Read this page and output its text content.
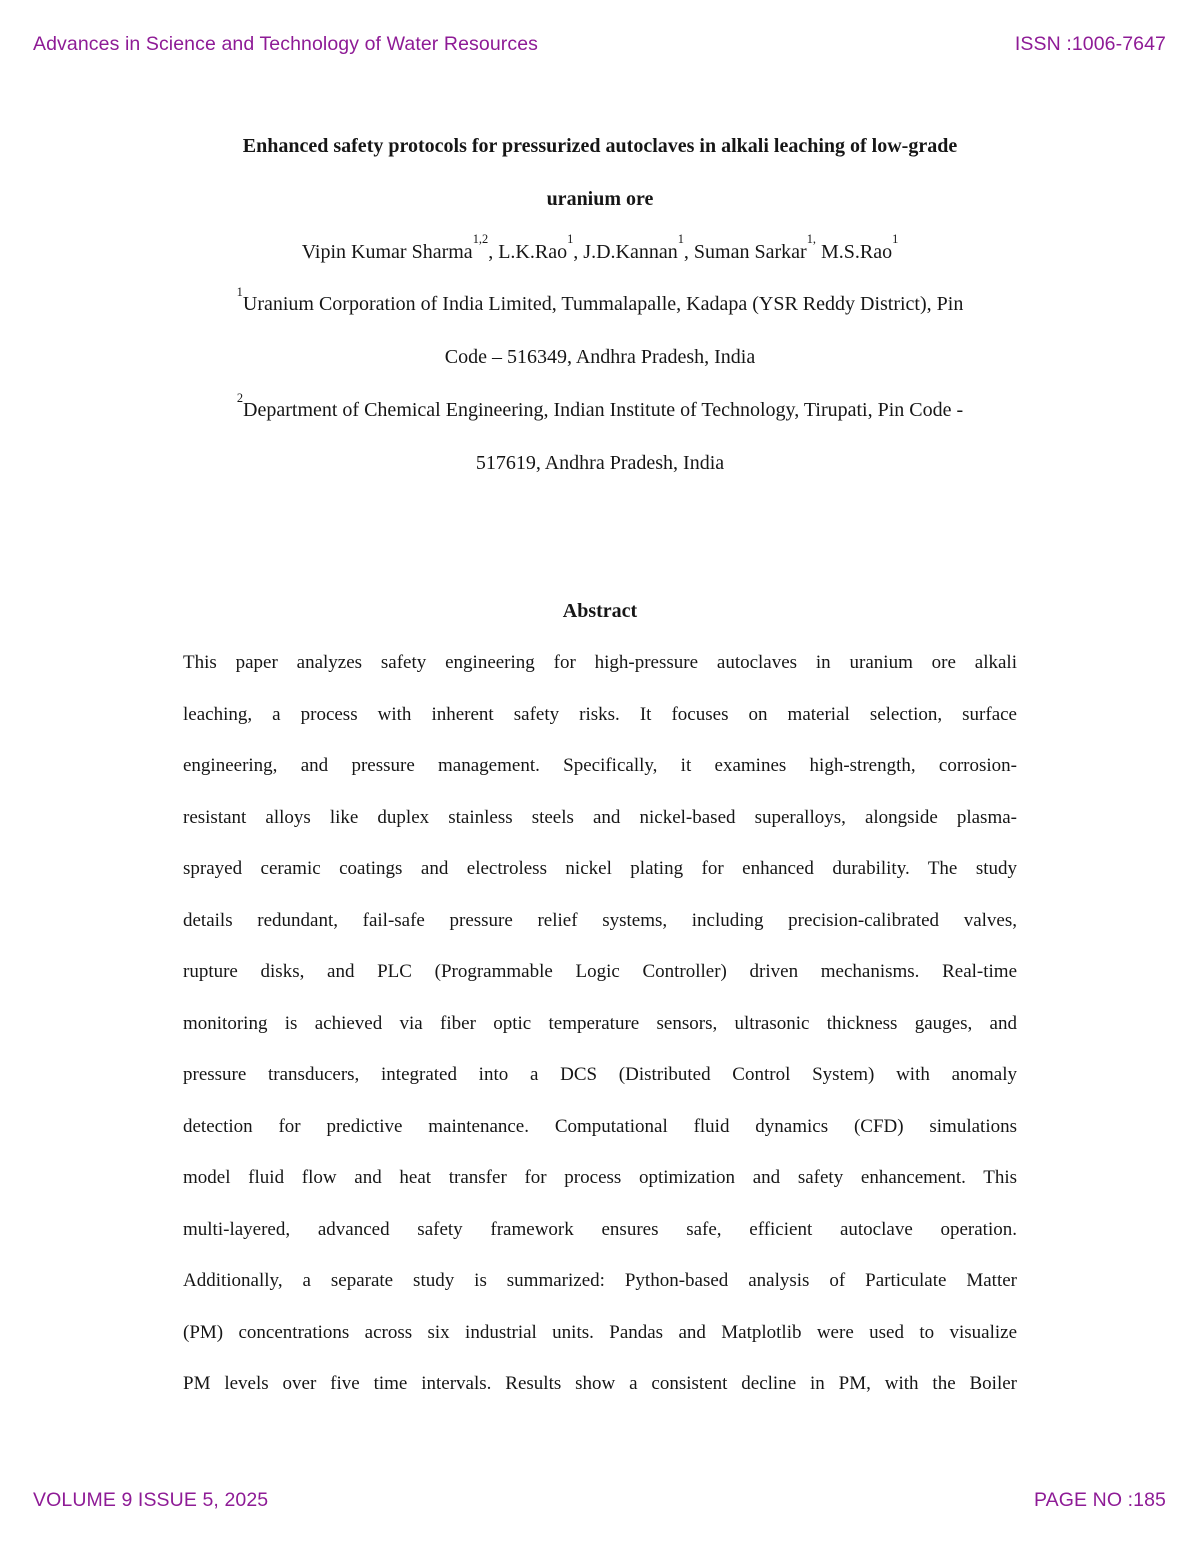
Advances in Science and Technology of Water Resources	ISSN :1006-7647
Enhanced safety protocols for pressurized autoclaves in alkali leaching of low-grade
uranium ore
Vipin Kumar Sharma$^{1,2}$, L.K.Rao$^1$, J.D.Kannan$^1$, Suman Sarkar$^{1,}$ M.S.Rao$^1$
$^1$Uranium Corporation of India Limited, Tummalapalle, Kadapa (YSR Reddy District), Pin
Code – 516349, Andhra Pradesh, India
$^2$Department of Chemical Engineering, Indian Institute of Technology, Tirupati, Pin Code -
517619, Andhra Pradesh, India
Abstract
This paper analyzes safety engineering for high-pressure autoclaves in uranium ore alkali
leaching, a process with inherent safety risks. It focuses on material selection, surface
engineering, and pressure management. Specifically, it examines high-strength, corrosion-
resistant alloys like duplex stainless steels and nickel-based superalloys, alongside plasma-
sprayed ceramic coatings and electroless nickel plating for enhanced durability. The study
details redundant, fail-safe pressure relief systems, including precision-calibrated valves,
rupture disks, and PLC (Programmable Logic Controller) driven mechanisms. Real-time
monitoring is achieved via fiber optic temperature sensors, ultrasonic thickness gauges, and
pressure transducers, integrated into a DCS (Distributed Control System) with anomaly
detection for predictive maintenance. Computational fluid dynamics (CFD) simulations
model fluid flow and heat transfer for process optimization and safety enhancement. This
multi-layered, advanced safety framework ensures safe, efficient autoclave operation.
Additionally, a separate study is summarized: Python-based analysis of Particulate Matter
(PM) concentrations across six industrial units. Pandas and Matplotlib were used to visualize
PM levels over five time intervals. Results show a consistent decline in PM, with the Boiler
VOLUME 9 ISSUE 5, 2025	PAGE NO :185
